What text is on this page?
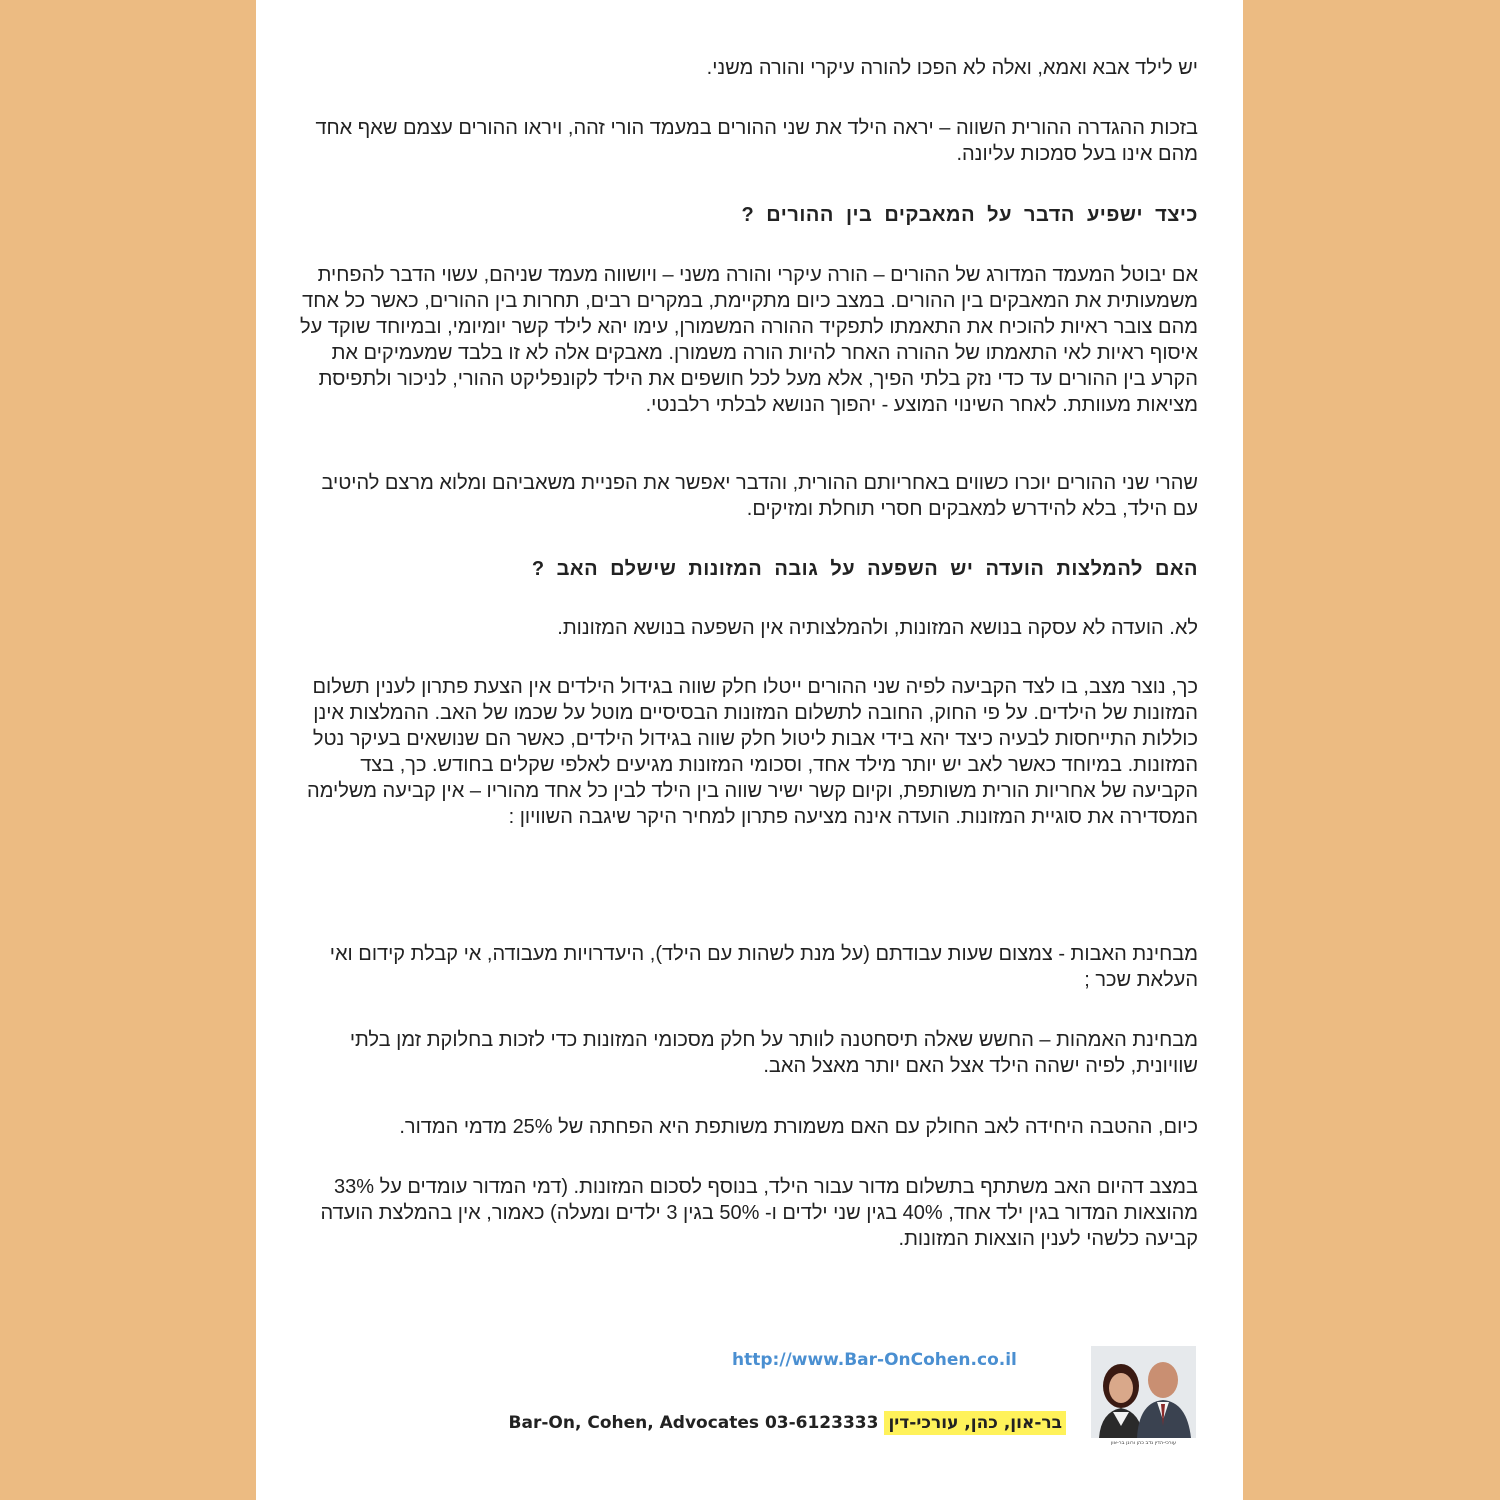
יש לילד אבא ואמא, ואלה לא הפכו להורה עיקרי והורה משני.
בזכות ההגדרה ההורית השווה – יראה הילד את שני ההורים במעמד הורי זהה, ויראו ההורים עצמם שאף אחד מהם אינו בעל סמכות עליונה.
כיצד ישפיע הדבר על המאבקים בין ההורים ?
אם יבוטל המעמד המדורג של ההורים – הורה עיקרי והורה משני – ויושווה מעמד שניהם, עשוי הדבר להפחית משמעותית את המאבקים בין ההורים. במצב כיום מתקיימת, במקרים רבים, תחרות בין ההורים, כאשר כל אחד מהם צובר ראיות להוכיח את התאמתו לתפקיד ההורה המשמורן, עימו יהא לילד קשר יומיומי, ובמיוחד שוקד על איסוף ראיות לאי התאמתו של ההורה האחר להיות הורה משמורן. מאבקים אלה לא זו בלבד שמעמיקים את הקרע בין ההורים עד כדי נזק בלתי הפיך, אלא מעל לכל חושפים את הילד לקונפליקט ההורי, לניכור ולתפיסת מציאות מעוותת. לאחר השינוי המוצע - יהפוך הנושא לבלתי רלבנטי.
שהרי שני ההורים יוכרו כשווים באחריותם ההורית, והדבר יאפשר את הפניית משאביהם ומלוא מרצם להיטיב עם הילד, בלא להידרש למאבקים חסרי תוחלת ומזיקים.
האם להמלצות הועדה יש השפעה על גובה המזונות שישלם האב ?
לא. הועדה לא עסקה בנושא המזונות, ולהמלצותיה אין השפעה בנושא המזונות.
כך, נוצר מצב, בו לצד הקביעה לפיה שני ההורים ייטלו חלק שווה בגידול הילדים אין הצעת פתרון לענין תשלום המזונות של הילדים. על פי החוק, החובה לתשלום המזונות הבסיסיים מוטל על שכמו של האב. ההמלצות אינן כוללות התייחסות לבעיה כיצד יהא בידי אבות ליטול חלק שווה בגידול הילדים, כאשר הם שנושאים בעיקר נטל המזונות. במיוחד כאשר לאב יש יותר מילד אחד, וסכומי המזונות מגיעים לאלפי שקלים בחודש. כך, בצד הקביעה של אחריות הורית משותפת, וקיום קשר ישיר שווה בין הילד לבין כל אחד מהוריו – אין קביעה משלימה המסדירה את סוגיית המזונות. הועדה אינה מציעה פתרון למחיר היקר שיגבה השוויון :
מבחינת האבות - צמצום שעות עבודתם (על מנת לשהות עם הילד), היעדרויות מעבודה, אי קבלת קידום ואי העלאת שכר ;
מבחינת האמהות – החשש שאלה תיסחטנה לוותר על חלק מסכומי המזונות כדי לזכות בחלוקת זמן בלתי שוויונית, לפיה ישהה הילד אצל האם יותר מאצל האב.
כיום, ההטבה היחידה לאב החולק עם האם משמורת משותפת היא הפחתה של 25% מדמי המדור.
במצב דהיום האב משתתף בתשלום מדור עבור הילד, בנוסף לסכום המזונות. (דמי המדור עומדים על 33% מהוצאות המדור בגין ילד אחד, 40% בגין שני ילדים ו- 50% בגין 3 ילדים ומעלה) כאמור, אין בהמלצת הועדה קביעה כלשהי לענין הוצאות המזונות.
http://www.Bar-OnCohen.co.il
Bar-On, Cohen, Advocates 03-6123333 בר-און, כהן, עורכי-דין
עורכי-הדין נדב כהן ורונן בר-און
